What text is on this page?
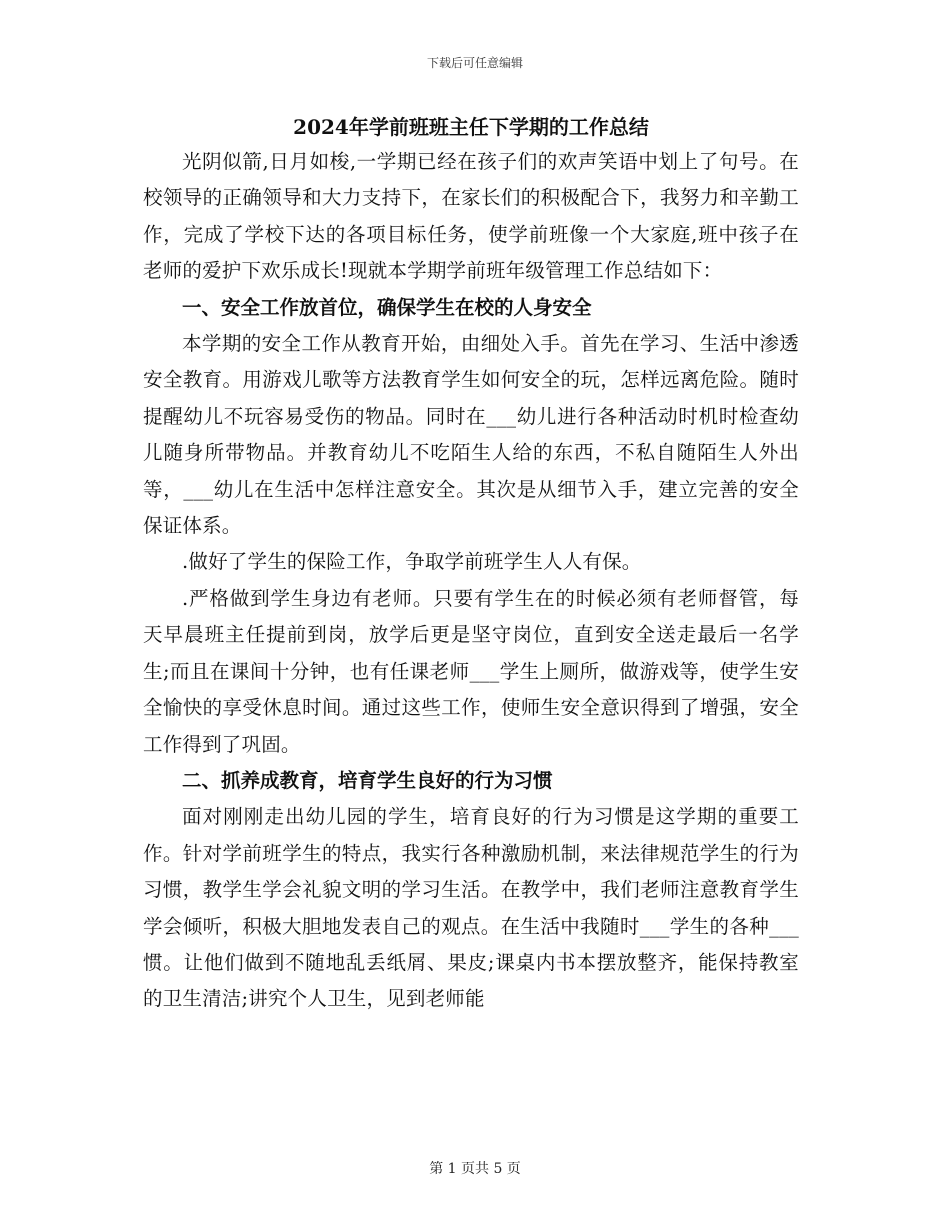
下载后可任意编辑
2024年学前班班主任下学期的工作总结

光阴似箭,日月如梭,一学期已经在孩子们的欢声笑语中划上了句号。在校领导的正确领导和大力支持下，在家长们的积极配合下，我努力和辛勤工作，完成了学校下达的各项目标任务，使学前班像一个大家庭,班中孩子在老师的爱护下欢乐成长!现就本学期学前班年级管理工作总结如下：

一、安全工作放首位，确保学生在校的人身安全

本学期的安全工作从教育开始，由细处入手。首先在学习、生活中渗透安全教育。用游戏儿歌等方法教育学生如何安全的玩，怎样远离危险。随时提醒幼儿不玩容易受伤的物品。同时在___幼儿进行各种活动时机时检查幼儿随身所带物品。并教育幼儿不吃陌生人给的东西，不私自随陌生人外出等，___幼儿在生活中怎样注意安全。其次是从细节入手，建立完善的安全保证体系。

.做好了学生的保险工作，争取学前班学生人人有保。

.严格做到学生身边有老师。只要有学生在的时候必须有老师督管，每天早晨班主任提前到岗，放学后更是坚守岗位，直到安全送走最后一名学生;而且在课间十分钟，也有任课老师___学生上厕所，做游戏等，使学生安全愉快的享受休息时间。通过这些工作，使师生安全意识得到了增强，安全工作得到了巩固。

二、抓养成教育，培育学生良好的行为习惯

面对刚刚走出幼儿园的学生，培育良好的行为习惯是这学期的重要工作。针对学前班学生的特点，我实行各种激励机制，来法律规范学生的行为习惯，教学生学会礼貌文明的学习生活。在教学中，我们老师注意教育学生学会倾听，积极大胆地发表自己的观点。在生活中我随时___学生的各种___惯。让他们做到不随地乱丢纸屑、果皮;课桌内书本摆放整齐，能保持教室的卫生清洁;讲究个人卫生，见到老师能

第 1 页共 5 页
